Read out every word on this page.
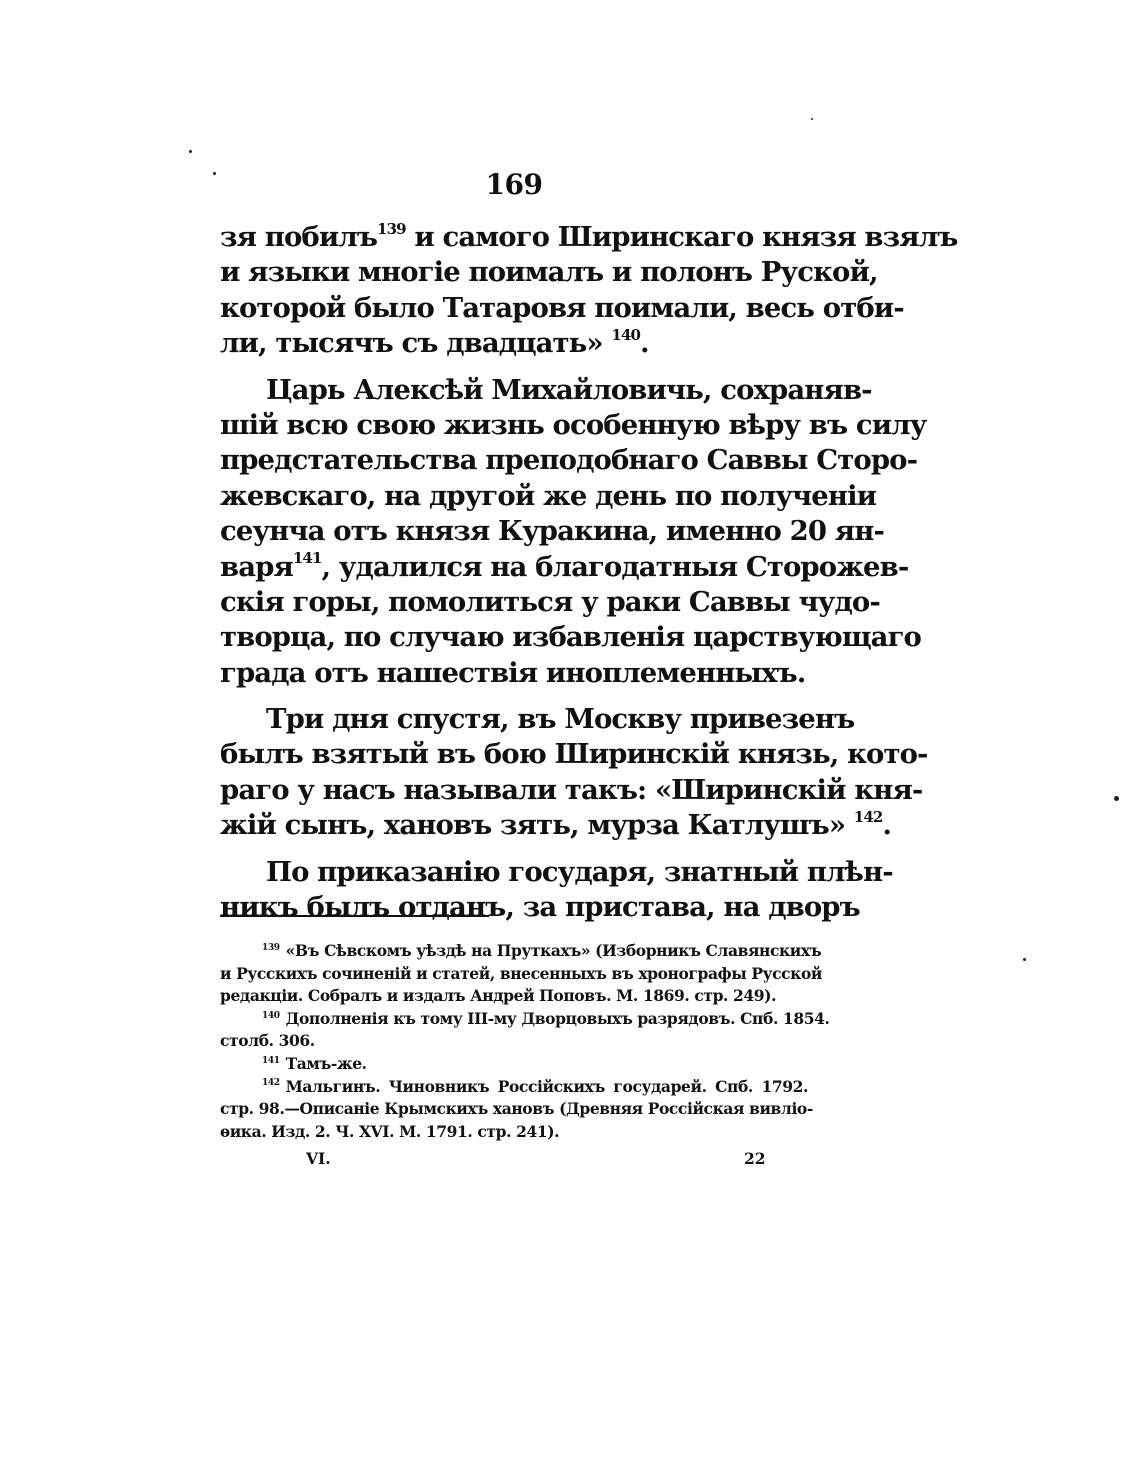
169
зя побилъ$^{139}$ и самого Ширинскаго князя взялъ
и языки многіе поималъ и полонъ Руской,
которой было Татаровя поимали, весь отби-
ли, тысячъ съ двадцать» $^{140}$.
Царь Алексѣй Михайловичь, сохраняв-
шій всю свою жизнь особенную вѣру въ силу
предстательства преподобнаго Саввы Сторо-
жевскаго, на другой же день по полученіи
сеунча отъ князя Куракина, именно 20 ян-
варя$^{141}$, удалился на благодатныя Сторожев-
скія горы, помолиться у раки Саввы чудо-
творца, по случаю избавленія царствующаго
града отъ нашествія иноплеменныхъ.
Три дня спустя, въ Москву привезенъ
былъ взятый въ бою Ширинскій князь, кото-
раго у насъ называли такъ: «Ширинскій кня-
жій сынъ, хановъ зять, мурза Катлушъ» $^{142}$.
По приказанію государя, знатный плѣн-
никъ былъ отданъ, за пристава, на дворъ
$^{139}$ «Въ Сѣвскомъ уѣздѣ на Пруткахъ» (Изборникъ Славянскихъ
и Русскихъ сочиненій и статей, внесенныхъ въ хронографы Русской
редакціи. Собралъ и издалъ Андрей Поповъ. М. 1869. стр. 249).
$^{140}$ Дополненія къ тому III-му Дворцовыхъ разрядовъ. Спб. 1854.
столб. 306.
$^{141}$ Тамъ-же.
$^{142}$ Мальгинъ. Чиновникъ Россійскихъ государей. Спб. 1792.
стр. 98.—Описаніе Крымскихъ хановъ (Древняя Россійская вивліо-
ѳика. Изд. 2. Ч. XVI. М. 1791. стр. 241).
VI.	22
